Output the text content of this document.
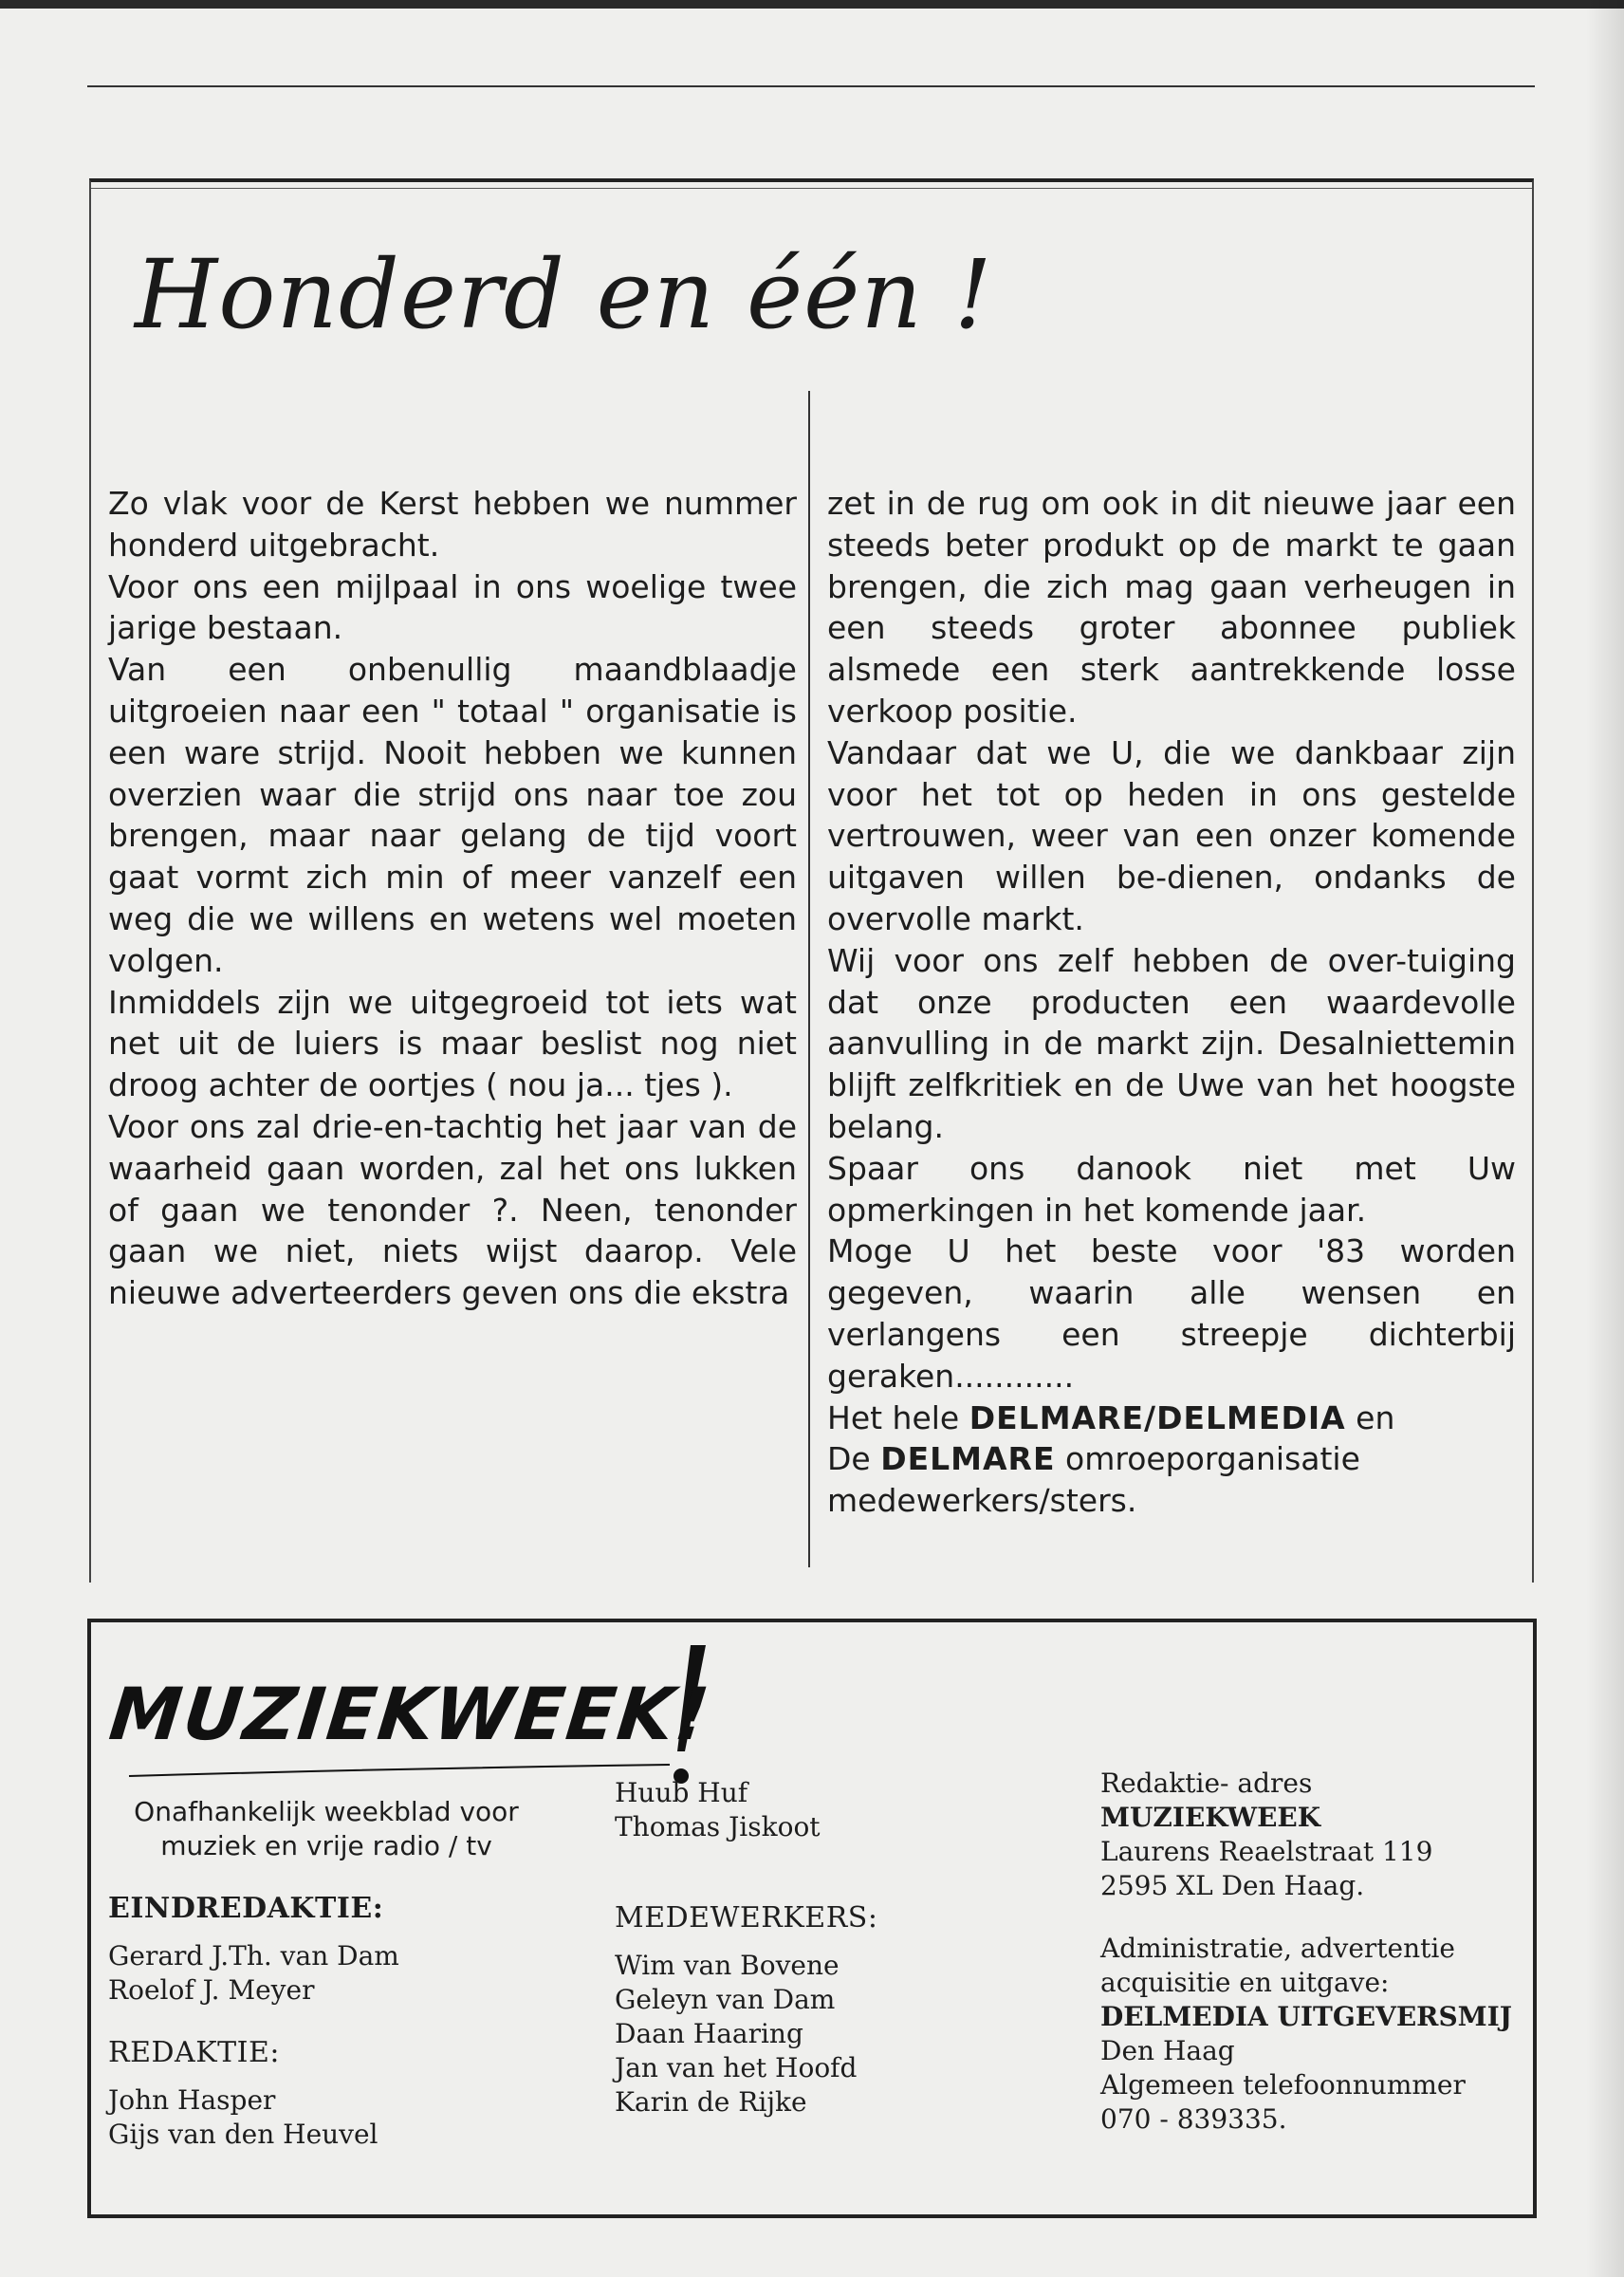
Honderd en één !

Zo vlak voor de Kerst hebben we nummer honderd uitgebracht.

Voor ons een mijlpaal in ons woelige twee jarige bestaan.

Van een onbenullig maandblaadje uitgroeien naar een " totaal " organisatie is een ware strijd. Nooit hebben we kunnen overzien waar die strijd ons naar toe zou brengen, maar naar gelang de tijd voort gaat vormt zich min of meer vanzelf een weg die we willens en wetens wel moeten volgen.

Inmiddels zijn we uitgegroeid tot iets wat net uit de luiers is maar beslist nog niet droog achter de oortjes ( nou ja... tjes ).

Voor ons zal drie-en-tachtig het jaar van de waarheid gaan worden, zal het ons lukken of gaan we tenonder ?. Neen, tenonder gaan we niet, niets wijst daarop. Vele nieuwe adverteerders geven ons die ekstra

zet in de rug om ook in dit nieuwe jaar een steeds beter produkt op de markt te gaan brengen, die zich mag gaan verheugen in een steeds groter abonnee publiek alsmede een sterk aantrekkende losse verkoop positie.

Vandaar dat we U, die we dankbaar zijn voor het tot op heden in ons gestelde vertrouwen, weer van een onzer komende uitgaven willen be-dienen, ondanks de overvolle markt.

Wij voor ons zelf hebben de over-tuiging dat onze producten een waardevolle aanvulling in de markt zijn. Desalniettemin blijft zelfkritiek en de Uwe van het hoogste belang.

Spaar ons danook niet met Uw opmerkingen in het komende jaar.

Moge U het beste voor '83 worden gegeven, waarin alle wensen en verlangens een streepje dichterbij geraken............

Het hele DELMARE/DELMEDIA en

De DELMARE omroeporganisatie

medewerkers/sters.

MUZIEKWEEK!

Onafhankelijk weekblad voor muziek en vrije radio / tv

EINDREDAKTIE:

Gerard J.Th. van Dam

Roelof J. Meyer

REDAKTIE:

John Hasper

Gijs van den Heuvel

Huub Huf

Thomas Jiskoot

MEDEWERKERS:

Wim van Bovene

Geleyn van Dam

Daan Haaring

Jan van het Hoofd

Karin de Rijke

Redaktie- adres

MUZIEKWEEK

Laurens Reaelstraat 119

2595 XL Den Haag.

Administratie, advertentie

acquisitie en uitgave:

DELMEDIA UITGEVERSMIJ

Den Haag

Algemeen telefoonnummer

070 - 839335.
